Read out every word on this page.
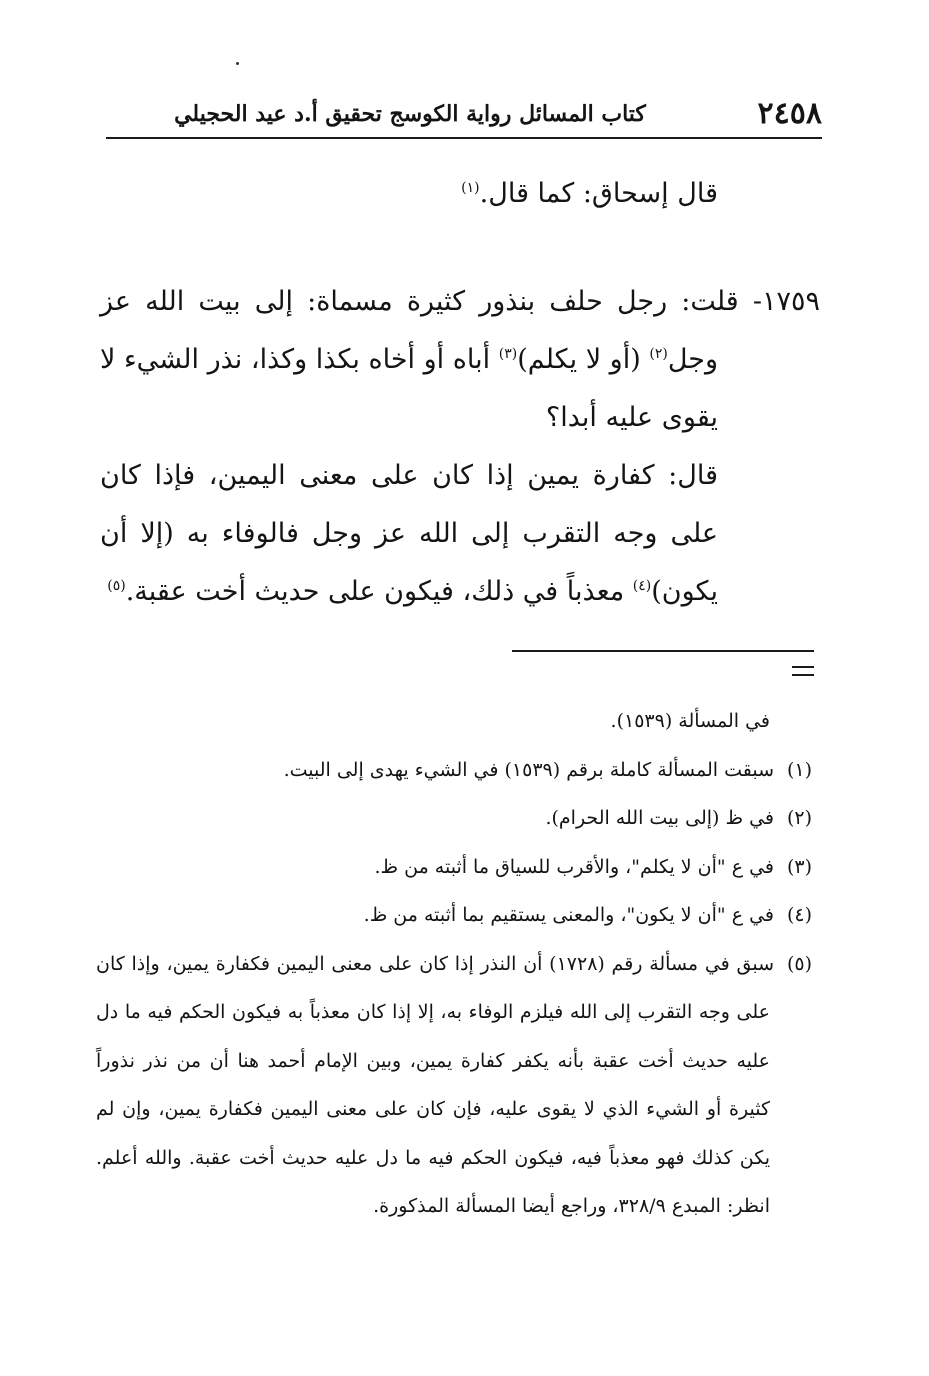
٢٤٥٨
كتاب المسائل رواية الكوسج تحقيق أ.د عيد الحجيلي

قال إسحاق: كما قال.$^{(١)}$

١٧٥٩- قلت: رجل حلف بنذور كثيرة مسماة: إلى بيت الله عز وجل$^{(٢)}$ (أو لا يكلم)$^{(٣)}$ أباه أو أخاه بكذا وكذا، نذر الشيء لا يقوى عليه أبدا؟

قال: كفارة يمين إذا كان على معنى اليمين، فإذا كان على وجه التقرب إلى الله عز وجل فالوفاء به (إلا أن يكون)$^{(٤)}$ معذباً في ذلك، فيكون على حديث أخت عقبة.$^{(٥)}$

في المسألة (١٥٣٩).

(١)سبقت المسألة كاملة برقم (١٥٣٩) في الشيء يهدى إلى البيت.

(٢)في ظ (إلى بيت الله الحرام).

(٣)في ع "أن لا يكلم"، والأقرب للسياق ما أثبته من ظ.

(٤)في ع "أن لا يكون"، والمعنى يستقيم بما أثبته من ظ.

(٥)سبق في مسألة رقم (١٧٢٨) أن النذر إذا كان على معنى اليمين فكفارة يمين، وإذا كان على وجه التقرب إلى الله فيلزم الوفاء به، إلا إذا كان معذباً به فيكون الحكم فيه ما دل عليه حديث أخت عقبة بأنه يكفر كفارة يمين، وبين الإمام أحمد هنا أن من نذر نذوراً كثيرة أو الشيء الذي لا يقوى عليه، فإن كان على معنى اليمين فكفارة يمين، وإن لم يكن كذلك فهو معذباً فيه، فيكون الحكم فيه ما دل عليه حديث أخت عقبة. والله أعلم. انظر: المبدع ٣٢٨/٩، وراجع أيضا المسألة المذكورة.
